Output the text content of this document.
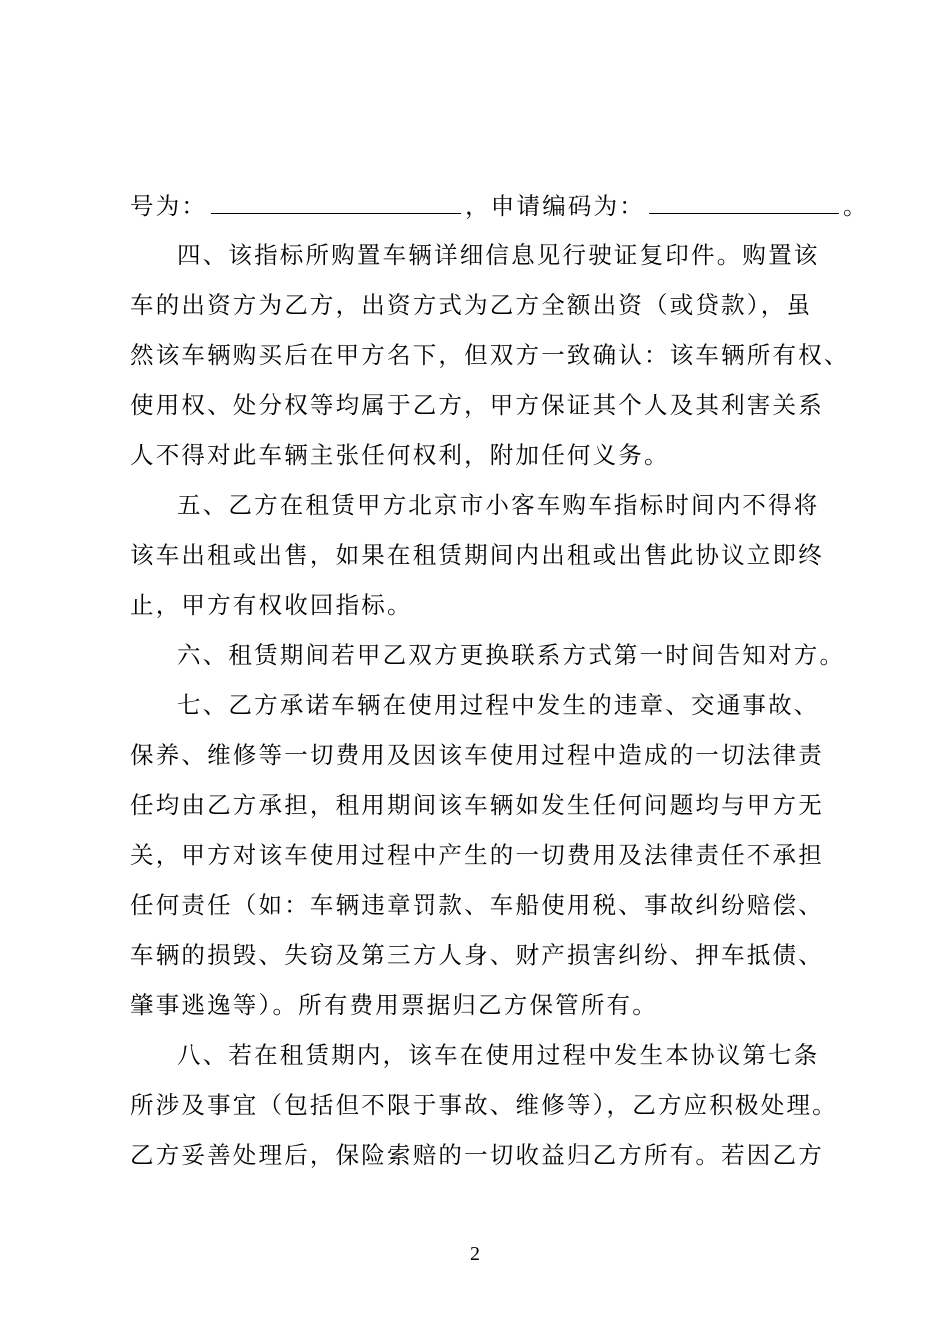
号为：	，申请编码为：	。
四、该指标所购置车辆详细信息见行驶证复印件。购置该
车的出资方为乙方，出资方式为乙方全额出资（或贷款），虽
然该车辆购买后在甲方名下，但双方一致确认：该车辆所有权、
使用权、处分权等均属于乙方，甲方保证其个人及其利害关系
人不得对此车辆主张任何权利，附加任何义务。
五、乙方在租赁甲方北京市小客车购车指标时间内不得将
该车出租或出售，如果在租赁期间内出租或出售此协议立即终
止，甲方有权收回指标。
六、租赁期间若甲乙双方更换联系方式第一时间告知对方。
七、乙方承诺车辆在使用过程中发生的违章、交通事故、
保养、维修等一切费用及因该车使用过程中造成的一切法律责
任均由乙方承担，租用期间该车辆如发生任何问题均与甲方无
关，甲方对该车使用过程中产生的一切费用及法律责任不承担
任何责任（如：车辆违章罚款、车船使用税、事故纠纷赔偿、
车辆的损毁、失窃及第三方人身、财产损害纠纷、押车抵债、
肇事逃逸等）。所有费用票据归乙方保管所有。
八、若在租赁期内，该车在使用过程中发生本协议第七条
所涉及事宜（包括但不限于事故、维修等），乙方应积极处理。
乙方妥善处理后，保险索赔的一切收益归乙方所有。若因乙方
2
